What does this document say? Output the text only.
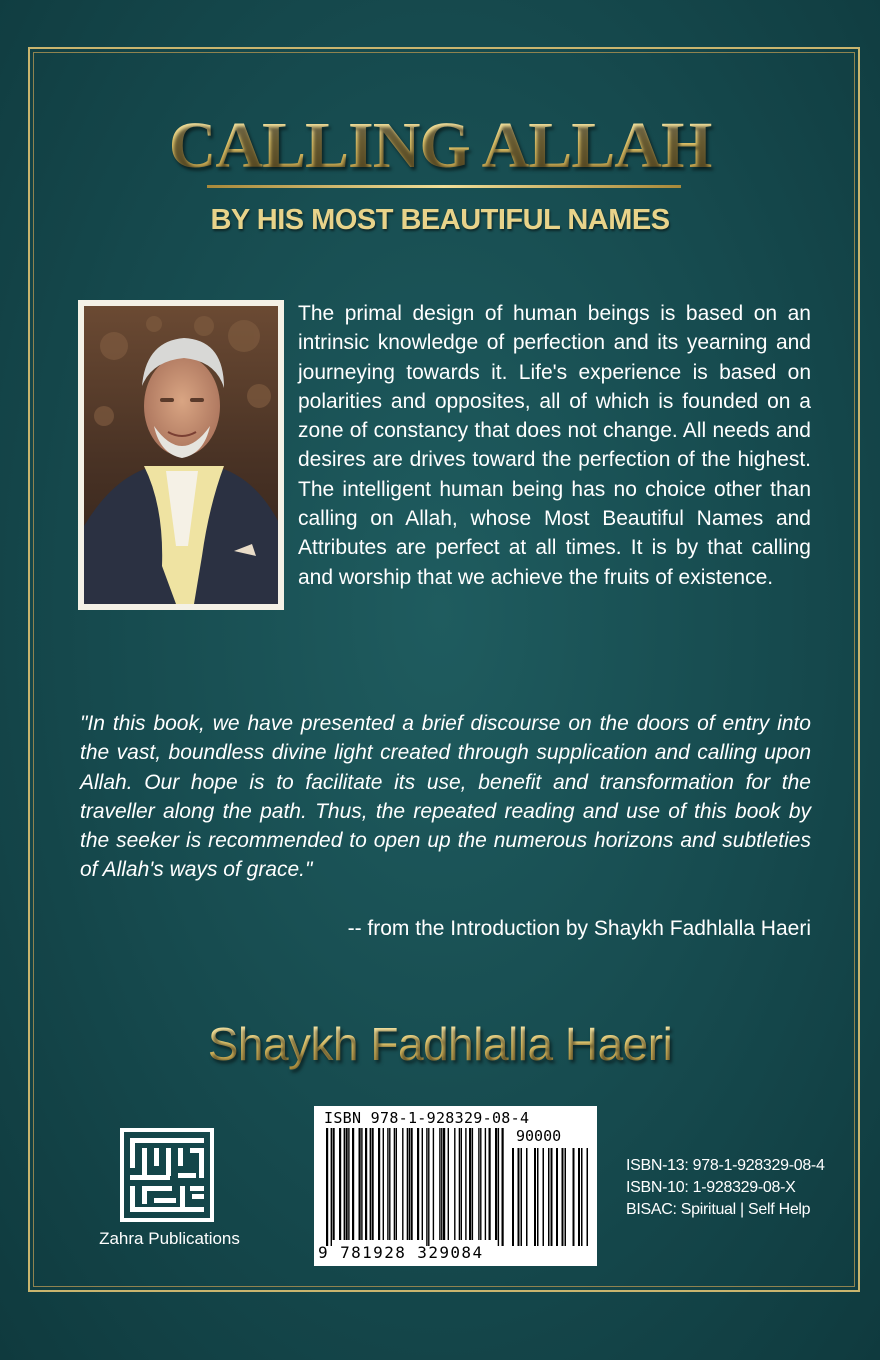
CALLING ALLAH
BY HIS MOST BEAUTIFUL NAMES
The primal design of human beings is based on an intrinsic knowledge of perfection and its yearning and journeying towards it. Life's experience is based on polarities and opposites, all of which is founded on a zone of constancy that does not change. All needs and desires are drives toward the perfection of the highest. The intelligent human being has no choice other than calling on Allah, whose Most Beautiful Names and Attributes are perfect at all times. It is by that calling and worship that we achieve the fruits of existence.
"In this book, we have presented a brief discourse on the doors of entry into the vast, boundless divine light created through supplication and calling upon Allah. Our hope is to facilitate its use, benefit and transformation for the traveller along the path. Thus, the repeated reading and use of this book by the seeker is recommended to open up the numerous horizons and subtleties of Allah's ways of grace."
-- from the Introduction by Shaykh Fadhlalla Haeri
Shaykh Fadhlalla Haeri
Zahra Publications
ISBN 978-1-928329-08-4
90000
9 781928 329084
ISBN-13: 978-1-928329-08-4
ISBN-10: 1-928329-08-X
BISAC: Spiritual | Self Help
